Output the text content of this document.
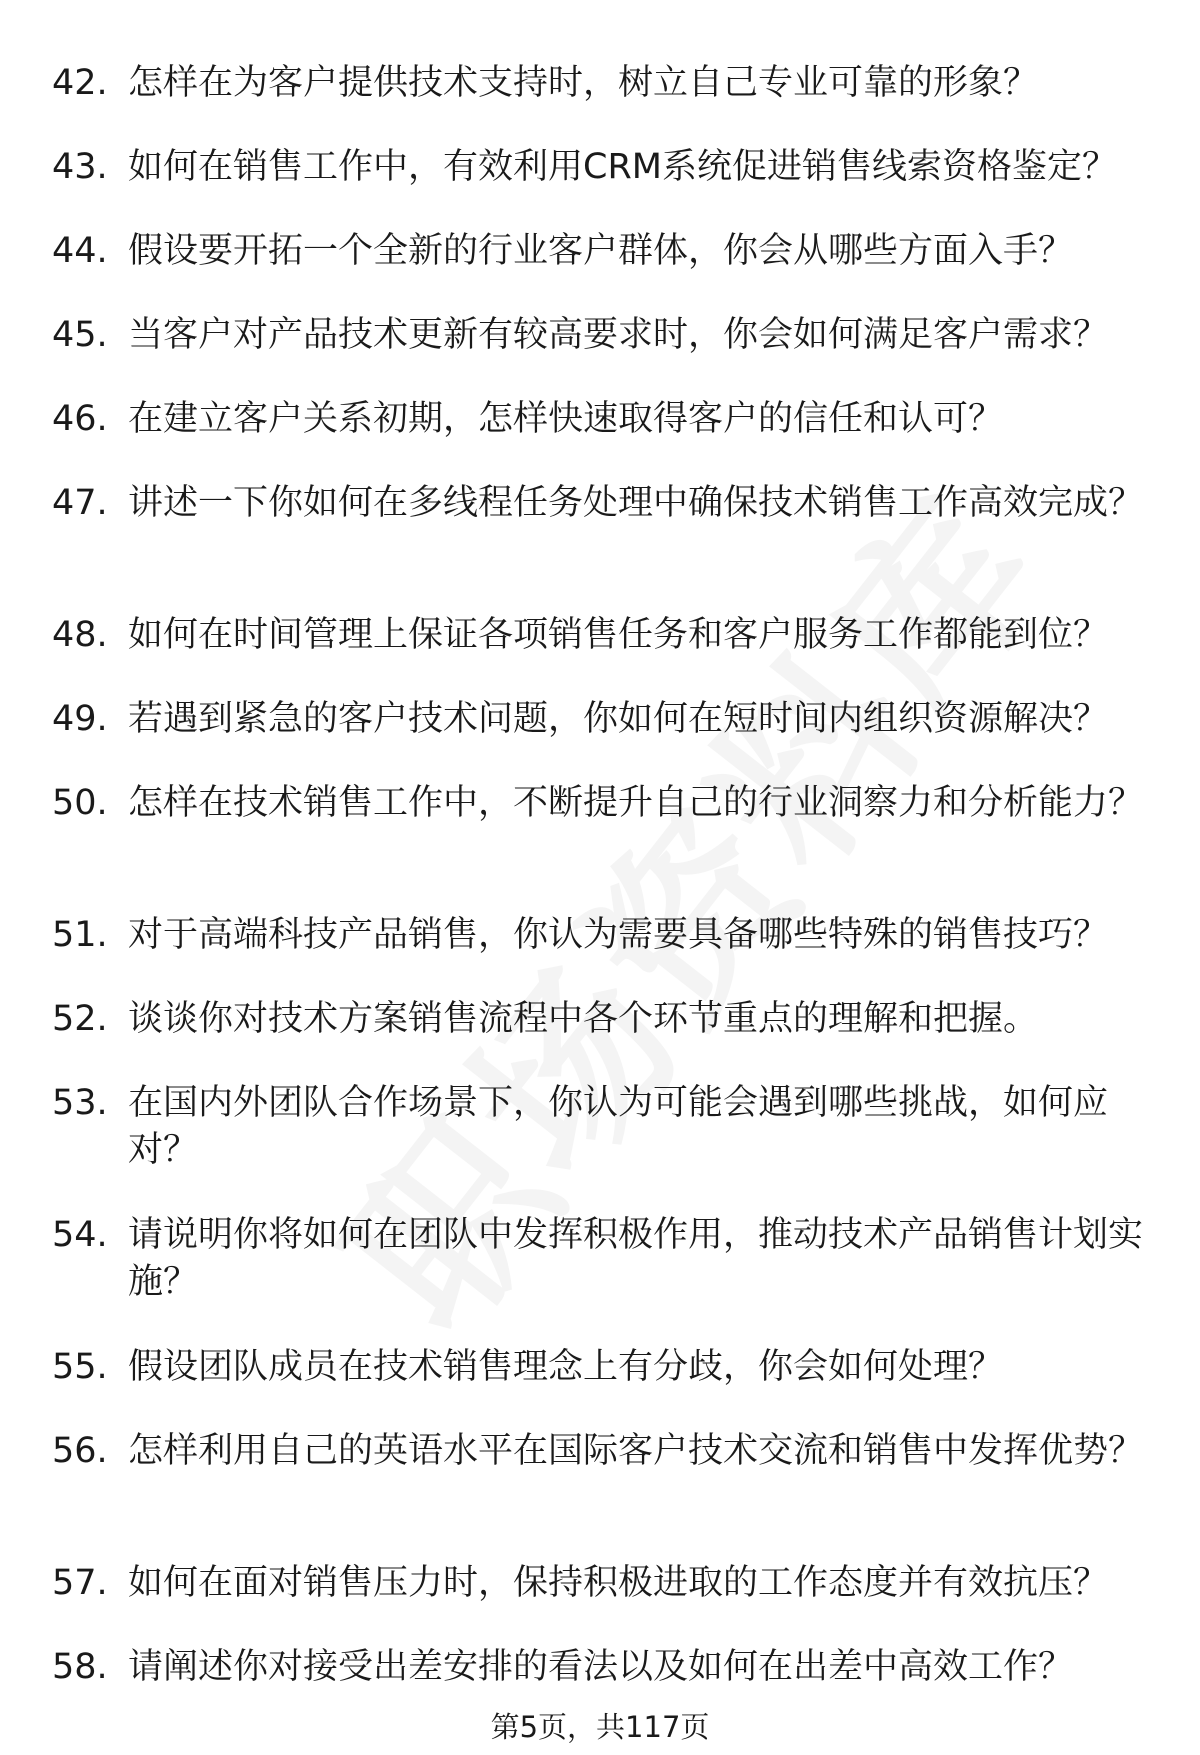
42. 怎样在为客户提供技术支持时，树立自己专业可靠的形象？
43. 如何在销售工作中，有效利用CRM系统促进销售线索资格鉴定？
44. 假设要开拓一个全新的行业客户群体，你会从哪些方面入手？
45. 当客户对产品技术更新有较高要求时，你会如何满足客户需求？
46. 在建立客户关系初期，怎样快速取得客户的信任和认可？
47. 讲述一下你如何在多线程任务处理中确保技术销售工作高效完成？
48. 如何在时间管理上保证各项销售任务和客户服务工作都能到位？
49. 若遇到紧急的客户技术问题，你如何在短时间内组织资源解决？
50. 怎样在技术销售工作中，不断提升自己的行业洞察力和分析能力？
51. 对于高端科技产品销售，你认为需要具备哪些特殊的销售技巧？
52. 谈谈你对技术方案销售流程中各个环节重点的理解和把握。
53. 在国内外团队合作场景下，你认为可能会遇到哪些挑战，如何应对？
54. 请说明你将如何在团队中发挥积极作用，推动技术产品销售计划实施？
55. 假设团队成员在技术销售理念上有分歧，你会如何处理？
56. 怎样利用自己的英语水平在国际客户技术交流和销售中发挥优势？
57. 如何在面对销售压力时，保持积极进取的工作态度并有效抗压？
58. 请阐述你对接受出差安排的看法以及如何在出差中高效工作？
第5页，共117页
